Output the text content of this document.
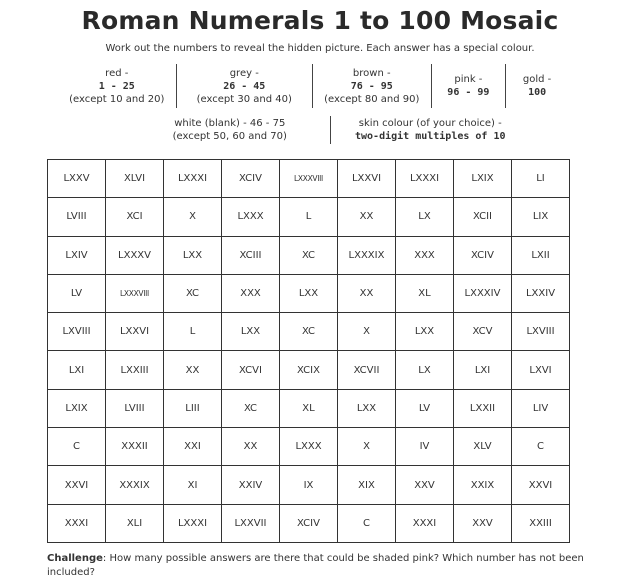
Roman Numerals 1 to 100 Mosaic
Work out the numbers to reveal the hidden picture. Each answer has a special colour.
red -
1 - 25
(except 10 and 20)
grey -
26 - 45
(except 30 and 40)
brown -
76 - 95
(except 80 and 90)
pink -
96 - 99
gold -
100
white (blank) - 46 - 75
(except 50, 60 and 70)
skin colour (of your choice) -
two-digit multiples of 10
LXXV	XLVI	LXXXI	XCIV	LXXXVIII	LXXVI	LXXXI	LXIX	LI
LVIII	XCI	X	LXXX	L	XX	LX	XCII	LIX
LXIV	LXXXV	LXX	XCIII	XC	LXXXIX	XXX	XCIV	LXII
LV	LXXXVIII	XC	XXX	LXX	XX	XL	LXXXIV	LXXIV
LXVIII	LXXVI	L	LXX	XC	X	LXX	XCV	LXVIII
LXI	LXXIII	XX	XCVI	XCIX	XCVII	LX	LXI	LXVI
LXIX	LVIII	LIII	XC	XL	LXX	LV	LXXII	LIV
C	XXXII	XXI	XX	LXXX	X	IV	XLV	C
XXVI	XXXIX	XI	XXIV	IX	XIX	XXV	XXIX	XXVI
XXXI	XLI	LXXXI	LXXVII	XCIV	C	XXXI	XXV	XXIII
Challenge: How many possible answers are there that could be shaded pink? Which number has not been included?
